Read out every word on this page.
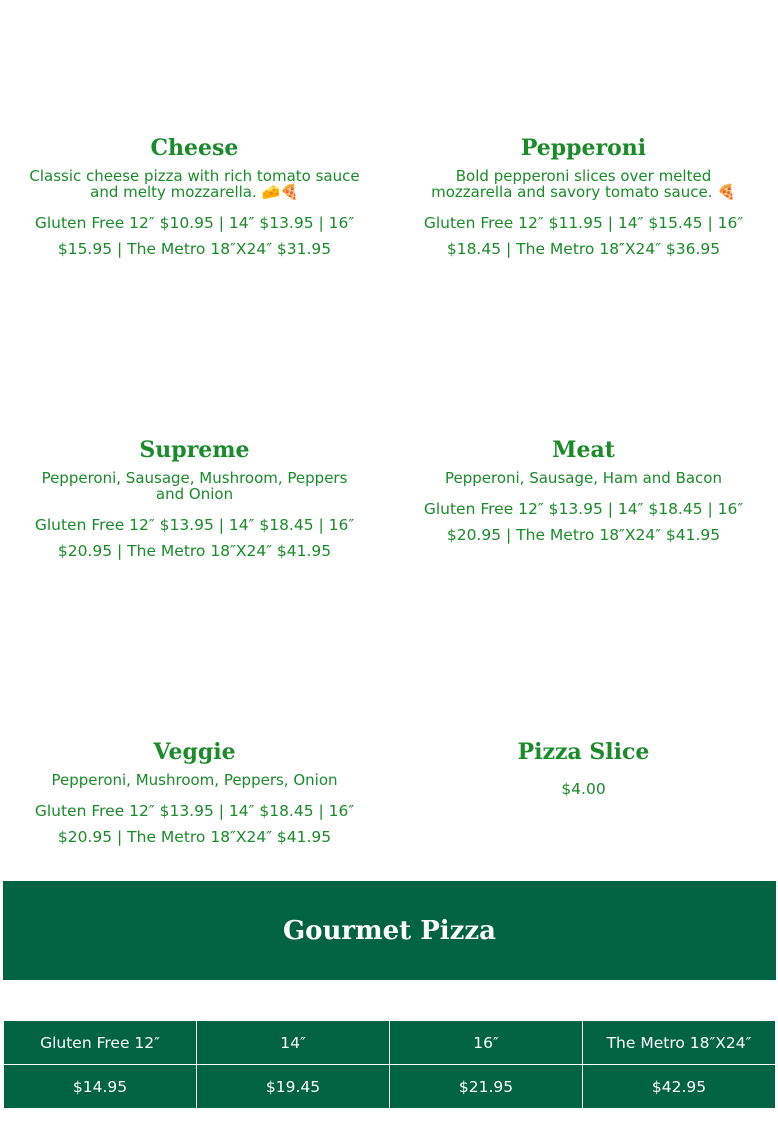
Cheese
Classic cheese pizza with rich tomato sauce and melty mozzarella. 🧀🍕
Gluten Free 12″ $10.95 | 14″ $13.95 | 16″ $15.95 | The Metro 18″X24″ $31.95
Pepperoni
Bold pepperoni slices over melted mozzarella and savory tomato sauce. 🍕
Gluten Free 12″ $11.95 | 14″ $15.45 | 16″ $18.45 | The Metro 18″X24″ $36.95
Supreme
Pepperoni, Sausage, Mushroom, Peppers and Onion
Gluten Free 12″ $13.95 | 14″ $18.45 | 16″ $20.95 | The Metro 18″X24″ $41.95
Meat
Pepperoni, Sausage, Ham and Bacon
Gluten Free 12″ $13.95 | 14″ $18.45 | 16″ $20.95 | The Metro 18″X24″ $41.95
Veggie
Pepperoni, Mushroom, Peppers, Onion
Gluten Free 12″ $13.95 | 14″ $18.45 | 16″ $20.95 | The Metro 18″X24″ $41.95
Pizza Slice
$4.00
Gourmet Pizza
Gluten Free 12″	14″	16″	The Metro 18″X24″
$14.95	$19.45	$21.95	$42.95
